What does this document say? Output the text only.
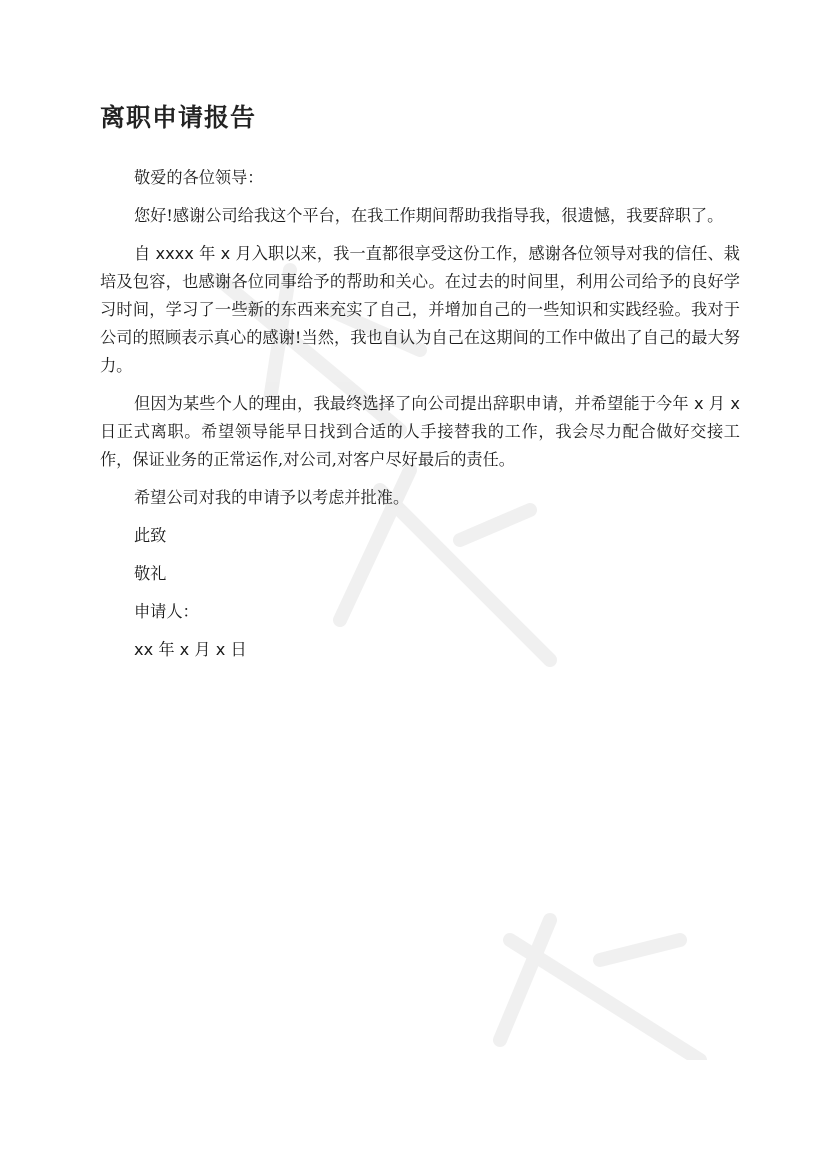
离职申请报告

敬爱的各位领导：

您好!感谢公司给我这个平台，在我工作期间帮助我指导我，很遗憾，我要辞职了。

自 xxxx 年 x 月入职以来，我一直都很享受这份工作，感谢各位领导对我的信任、栽培及包容，也感谢各位同事给予的帮助和关心。在过去的时间里，利用公司给予的良好学习时间，学习了一些新的东西来充实了自己，并增加自己的一些知识和实践经验。我对于公司的照顾表示真心的感谢!当然，我也自认为自己在这期间的工作中做出了自己的最大努力。

但因为某些个人的理由，我最终选择了向公司提出辞职申请，并希望能于今年 x 月 x 日正式离职。希望领导能早日找到合适的人手接替我的工作，我会尽力配合做好交接工作，保证业务的正常运作,对公司,对客户尽好最后的责任。

希望公司对我的申请予以考虑并批准。

此致

敬礼

申请人：

xx 年 x 月 x 日
